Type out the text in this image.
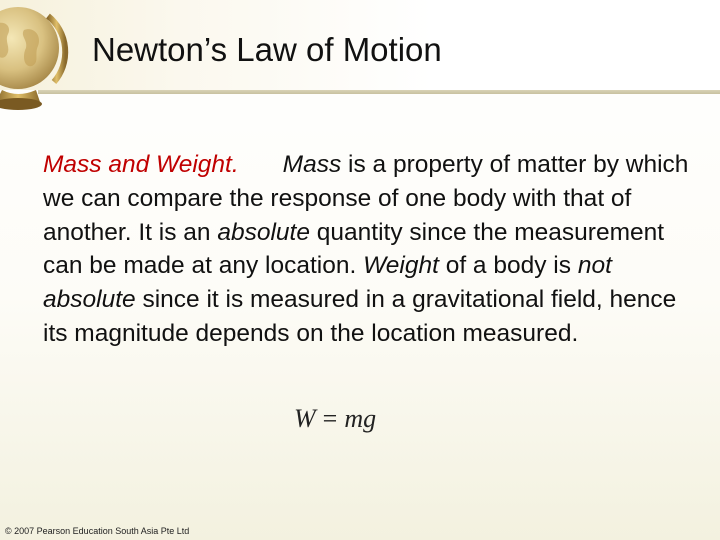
Newton’s Law of Motion

Mass and Weight. Mass is a property of matter by which we can compare the response of one body with that of another. It is an absolute quantity since the measurement can be made at any location. Weight of a body is not absolute since it is measured in a gravitational field, hence its magnitude depends on the location measured.

W = mg
© 2007 Pearson Education South Asia Pte Ltd
